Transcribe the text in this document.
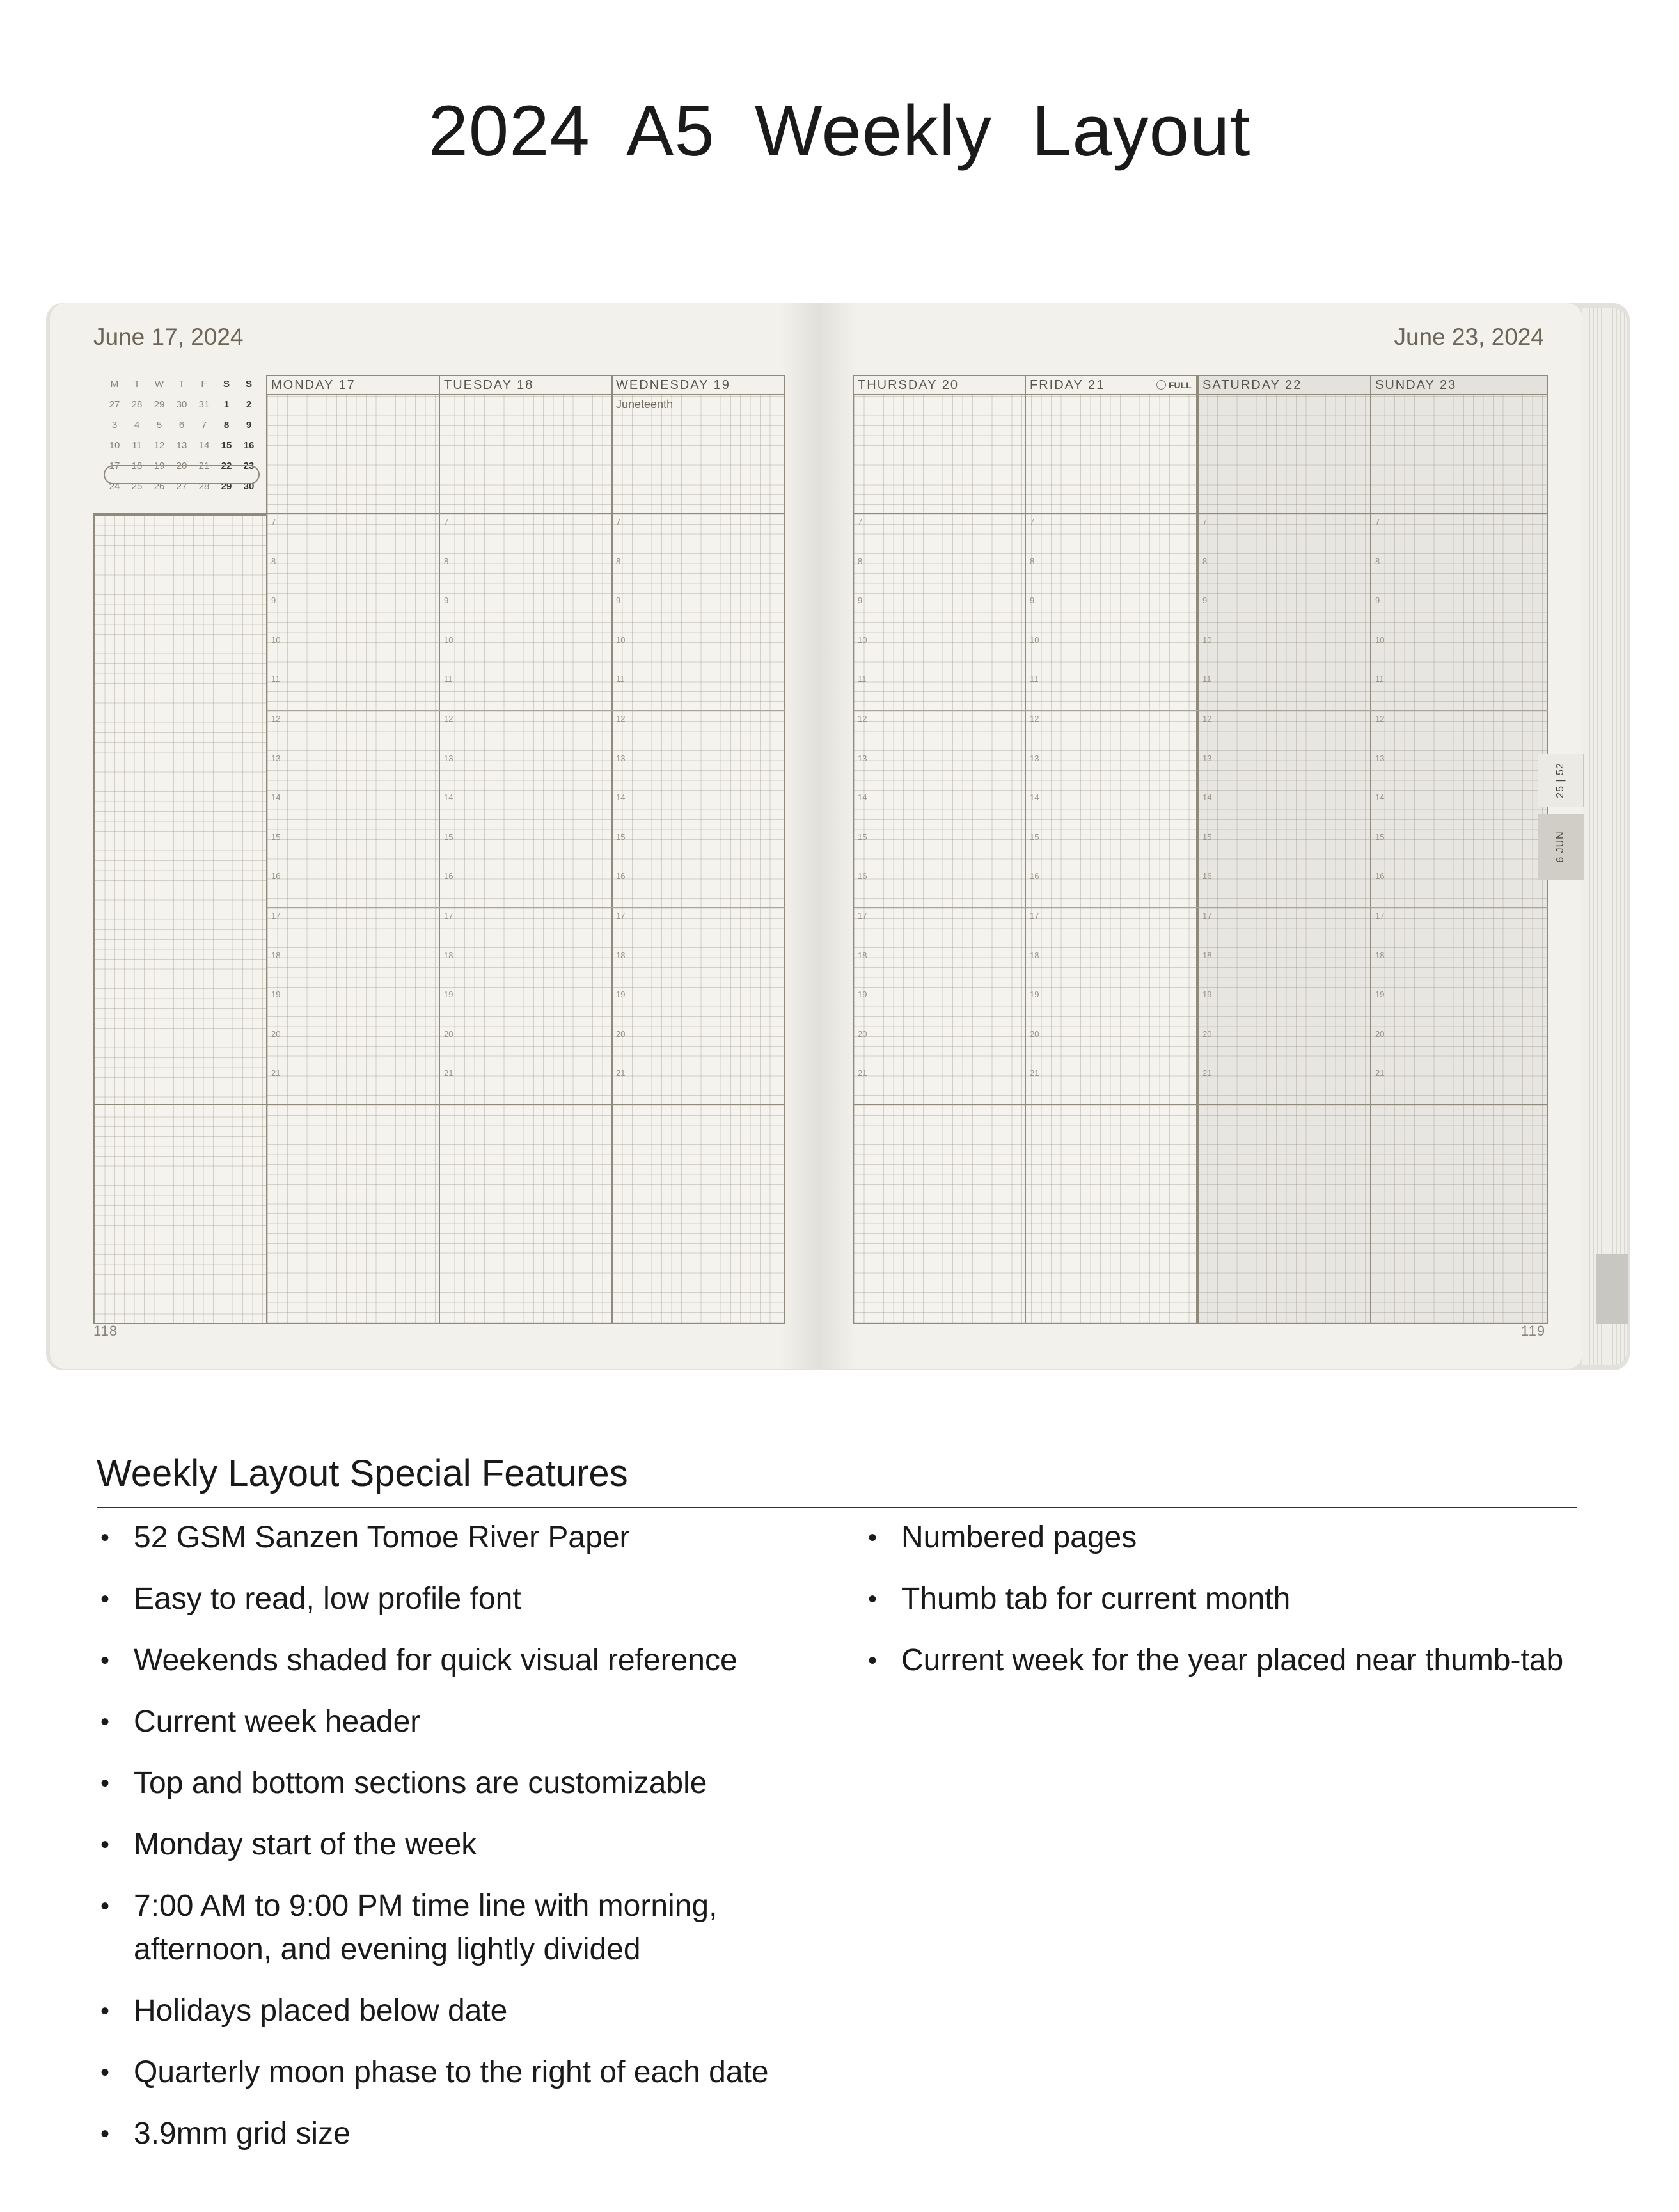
2024 A5 Weekly Layout
June 17, 2024	June 23, 2024
MONDAY 17	TUESDAY 18	WEDNESDAY 19
Juneteenth
THURSDAY 20	FRIDAY 21	FULL SATURDAY 22	SUNDAY 23
7	7	7	7	7	7	7
8	8	8	8	8	8	8
9	9	9	9	9	9	9
10	10	10	10	10	10	10
11	11	11	11	11	11	11
12	12	12	12	12	12	12
13	13	13	13	13	13	13
14	14	14	14	14	14	14
15	15	15	15	15	15	15
16	16	16	16	16	16	16
17	17	17	17	17	17	17
18	18	18	18	18	18	18
19	19	19	19	19	19	19
20	20	20	20	20	20	20
21	21	21	21	21	21	21
M	T	W	T	F	S	S
27	28	29	30	31	1	2
3	4	5	6	7	8	9
10	11	12	13	14	15	16
17	18	19	20	21	22	23
24	25	26	27	28	29	30
118	119
25 | 52
6 JUN
Weekly Layout Special Features
• 52 GSM Sanzen Tomoe River Paper
• Easy to read, low profile font
• Weekends shaded for quick visual reference
• Current week header
• Top and bottom sections are customizable
• Monday start of the week
• 7:00 AM to 9:00 PM time line with morning, afternoon, and evening lightly divided
• Holidays placed below date
• Quarterly moon phase to the right of each date
• 3.9mm grid size
• Numbered pages
• Thumb tab for current month
• Current week for the year placed near thumb-tab
